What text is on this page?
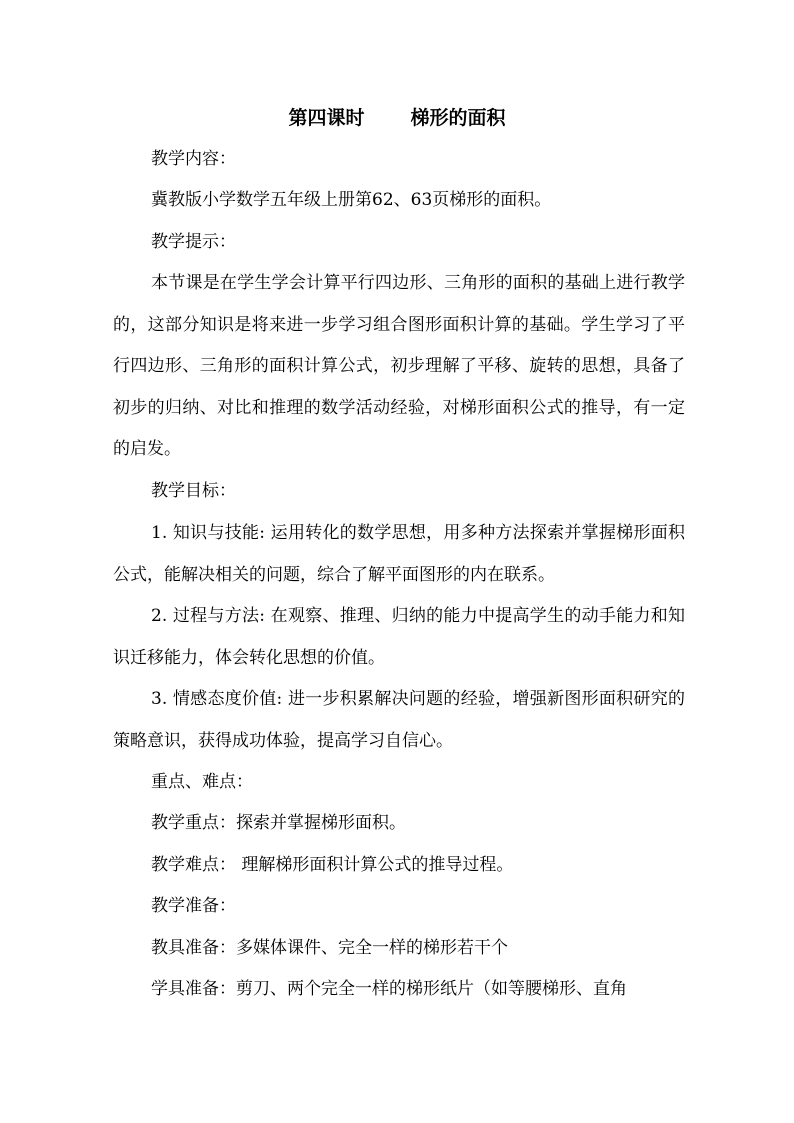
第四课时 梯形的面积

教学内容：

冀教版小学数学五年级上册第62、63页梯形的面积。

教学提示：

本节课是在学生学会计算平行四边形、三角形的面积的基础上进行教学的，这部分知识是将来进一步学习组合图形面积计算的基础。学生学习了平行四边形、三角形的面积计算公式，初步理解了平移、旋转的思想，具备了初步的归纳、对比和推理的数学活动经验，对梯形面积公式的推导，有一定的启发。

教学目标：

1. 知识与技能: 运用转化的数学思想，用多种方法探索并掌握梯形面积公式，能解决相关的问题，综合了解平面图形的内在联系。

2. 过程与方法: 在观察、推理、归纳的能力中提高学生的动手能力和知识迁移能力，体会转化思想的价值。

3. 情感态度价值: 进一步积累解决问题的经验，增强新图形面积研究的策略意识，获得成功体验，提高学习自信心。

重点、难点：

教学重点：探索并掌握梯形面积。

教学难点： 理解梯形面积计算公式的推导过程。

教学准备：

教具准备：多媒体课件、完全一样的梯形若干个

学具准备：剪刀、两个完全一样的梯形纸片（如等腰梯形、直角
